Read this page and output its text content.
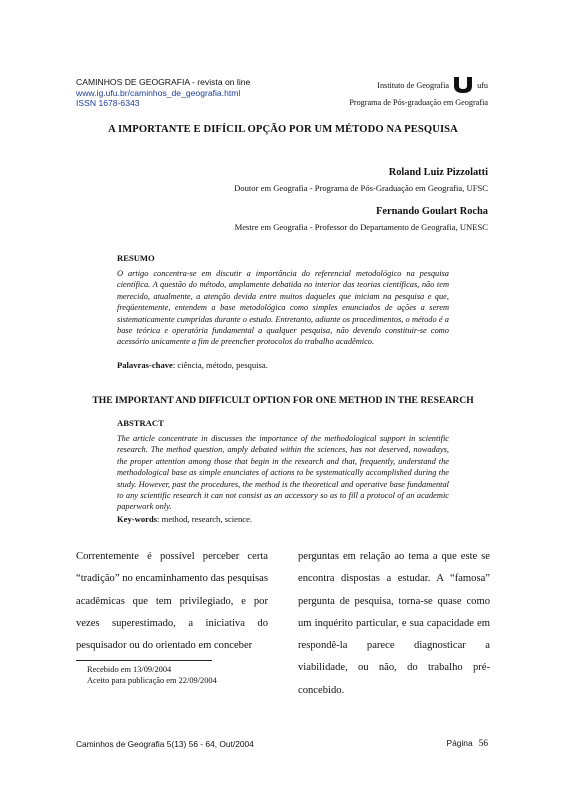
CAMINHOS DE GEOGRAFIA - revista on line
www.ig.ufu.br/caminhos_de_geografia.html
ISSN 1678-6343
Instituto de Geografia	ufu
Programa de Pós-graduação em Geografia
A IMPORTANTE E DIFÍCIL OPÇÃO POR UM MÉTODO NA PESQUISA
Roland Luiz Pizzolatti
Doutor em Geografia - Programa de Pós-Graduação em Geografia, UFSC
Fernando Goulart Rocha
Mestre em Geografia - Professor do Departamento de Geografia, UNESC
RESUMO
O artigo concentra-se em discutir a importância do referencial metodológico na pesquisa científica. A questão do método, amplamente debatida no interior das teorias científicas, não tem merecido, atualmente, a atenção devida entre muitos daqueles que iniciam na pesquisa e que, freqüentemente, entendem a base metodológica como simples enunciados de ações a serem sistematicamente cumpridas durante o estudo. Entretanto, adiante os procedimentos, o método é a base teórica e operatória fundamental a qualquer pesquisa, não devendo constituir-se como acessório unicamente a fim de preencher protocolos do trabalho acadêmico.
Palavras-chave: ciência, método, pesquisa.
THE IMPORTANT AND DIFFICULT OPTION FOR ONE METHOD IN THE RESEARCH
ABSTRACT
The article concentrate in discusses the importance of the methodological support in scientific research. The method question, amply debated within the sciences, has not deserved, nowadays, the proper attention among those that begin in the research and that, frequently, understand the methodological base as simple enunciates of actions to be systematically accomplished during the study. However, past the procedures, the method is the theoretical and operative base fundamental to any scientific research it can not consist as an accessory so as to fill a protocol of an academic paperwork only.
Key-words: method, research, science.

Correntemente é possível perceber certa “tradição” no encaminhamento das pesquisas acadêmicas que tem privilegiado, e por vezes superestimado, a iniciativa do pesquisador ou do orientado em conceber

perguntas em relação ao tema a que este se encontra dispostas a estudar. A “famosa” pergunta de pesquisa, torna-se quase como um inquérito particular, e sua capacidade em respondê-la parece diagnosticar a viabilidade, ou não, do trabalho pré-concebido.

Recebido em 13/09/2004
Aceito para publicação em 22/09/2004
Caminhos de Geografia 5(13) 56 - 64, Out/2004	Página 56
